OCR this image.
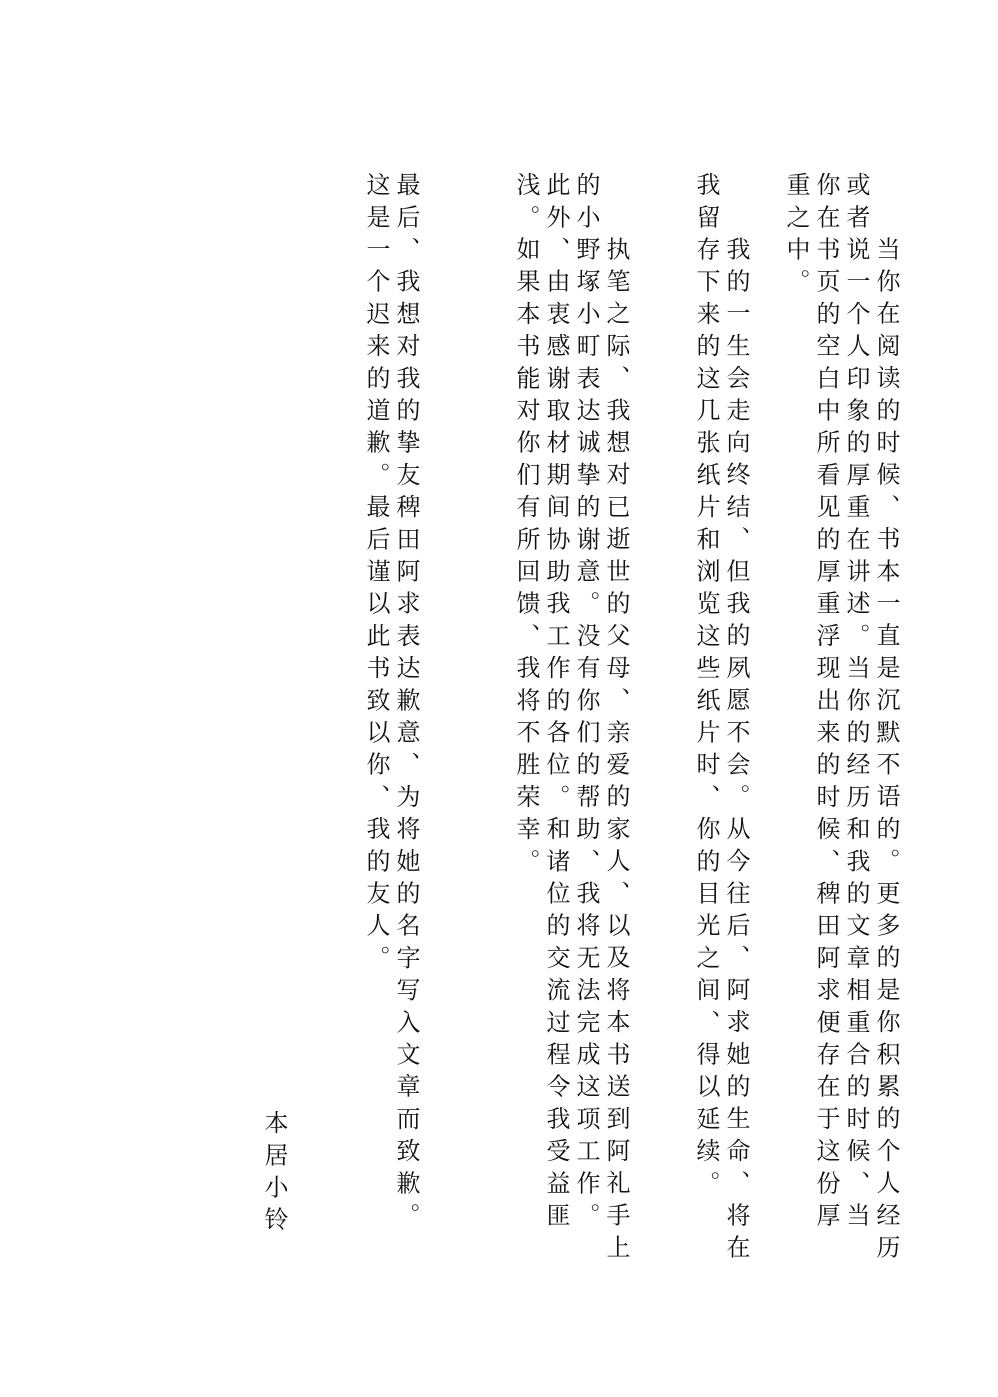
　当你在阅读的时候、书本一直是沉默不语的。更多的是你积累的个人经历

或者说一个人印象的厚重在讲述。当你的经历和我的文章相重合的时候、当

你在书页的空白中所看见的厚重浮现出来的时候、稗田阿求便存在于这份厚

重之中。

　我的一生会走向终结、但我的夙愿不会。从今往后、阿求她的生命、将在

我留存下来的这几张纸片和浏览这些纸片时、你的目光之间、得以延续。

　执笔之际、我想对已逝世的父母、亲爱的家人、以及将本书送到阿礼手上

的小野塚小町表达诚挚的谢意。没有你们的帮助、我将无法完成这项工作。

此外、由衷感谢取材期间协助我工作的各位。和诸位的交流过程令我受益匪

浅。如果本书能对你们有所回馈、我将不胜荣幸。

最后、我想对我的挚友稗田阿求表达歉意、为将她的名字写入文章而致歉。

这是一个迟来的道歉。最后谨以此书致以你、我的友人。

本居小铃
